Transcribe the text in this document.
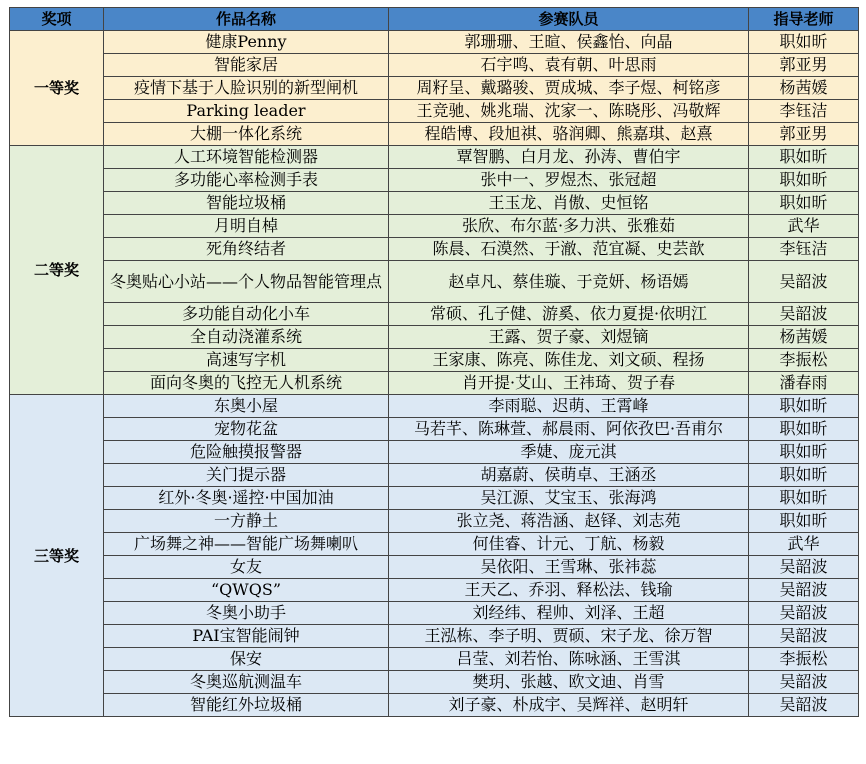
奖项	作品名称	参赛队员	指导老师
一等奖	健康Penny	郭珊珊、王暄、侯鑫怡、向晶	职如昕
	智能家居	石宇鸣、袁有朝、叶思雨	郭亚男
	疫情下基于人脸识别的新型闸机	周籽呈、戴璐骏、贾成城、李子煜、柯铭彦	杨茜媛
	Parking leader	王竞驰、姚兆瑞、沈家一、陈晓彤、冯敬辉	李钰洁
	大棚一体化系统	程皓博、段旭祺、骆润卿、熊嘉琪、赵熹	郭亚男
二等奖	人工环境智能检测器	覃智鹏、白月龙、孙涛、曹伯宇	职如昕
	多功能心率检测手表	张中一、罗煜杰、张冠超	职如昕
	智能垃圾桶	王玉龙、肖傲、史恒铭	职如昕
	月明自棹	张欣、布尔蓝·多力洪、张雅茹	武华
	死角终结者	陈晨、石漠然、于澈、范宜凝、史芸歆	李钰洁
	冬奥贴心小站——个人物品智能管理点	赵卓凡、蔡佳璇、于竞妍、杨语嫣	吴韶波
	多功能自动化小车	常硕、孔子健、游奚、依力夏提·依明江	吴韶波
	全自动浇灌系统	王露、贺子豪、刘煜镝	杨茜媛
	高速写字机	王家康、陈亮、陈佳龙、刘文硕、程扬	李振松
	面向冬奥的飞控无人机系统	肖开提·艾山、王祎琦、贺子春	潘春雨
三等奖	东奥小屋	李雨聪、迟萌、王霄峰	职如昕
	宠物花盆	马若芊、陈琳萱、郝晨雨、阿依孜巴·吾甫尔	职如昕
	危险触摸报警器	季婕、庞元淇	职如昕
	关门提示器	胡嘉蔚、侯萌卓、王涵丞	职如昕
	红外·冬奥·遥控·中国加油	吴江源、艾宝玉、张海鸿	职如昕
	一方静土	张立尧、蒋浩涵、赵铎、刘志苑	职如昕
	广场舞之神——智能广场舞喇叭	何佳睿、计元、丁航、杨毅	武华
	女友	吴依阳、王雪琳、张祎蕊	吴韶波
	“QWQS”	王天乙、乔羽、释松法、钱瑜	吴韶波
	冬奥小助手	刘经纬、程帅、刘泽、王超	吴韶波
	PAI宝智能闹钟	王泓栋、李子明、贾硕、宋子龙、徐万智	吴韶波
	保安	吕莹、刘若怡、陈咏涵、王雪淇	李振松
	冬奥巡航测温车	樊玥、张越、欧文迪、肖雪	吴韶波
	智能红外垃圾桶	刘子豪、朴成宇、吴辉祥、赵明轩	吴韶波
